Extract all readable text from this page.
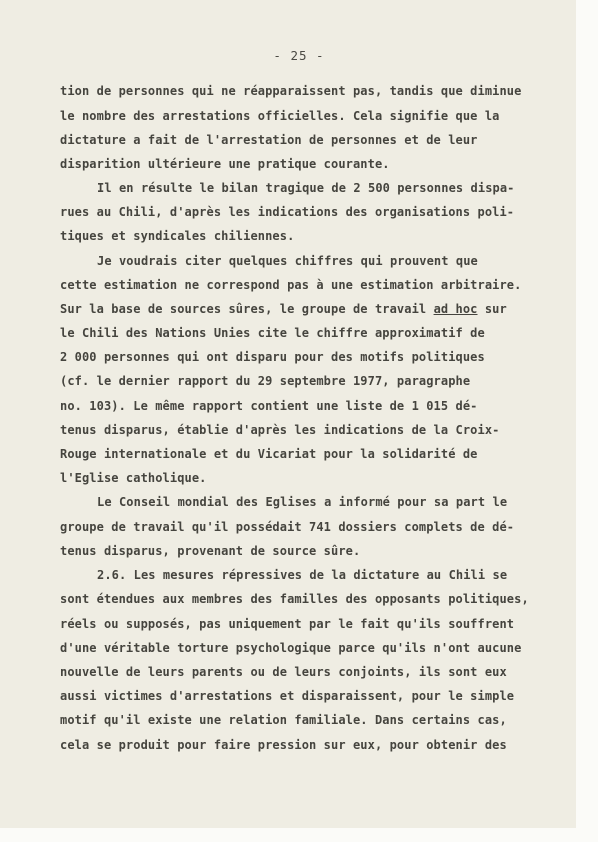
- 25 -
tion de personnes qui ne réapparaissent pas, tandis que diminue
le nombre des arrestations officielles. Cela signifie que la
dictature a fait de l'arrestation de personnes et de leur
disparition ultérieure une pratique courante.
Il en résulte le bilan tragique de 2 500 personnes dispa-
rues au Chili, d'après les indications des organisations poli-
tiques et syndicales chiliennes.
Je voudrais citer quelques chiffres qui prouvent que
cette estimation ne correspond pas à une estimation arbitraire.
Sur la base de sources sûres, le groupe de travail ad hoc sur
le Chili des Nations Unies cite le chiffre approximatif de
2 000 personnes qui ont disparu pour des motifs politiques
(cf. le dernier rapport du 29 septembre 1977, paragraphe
no. 103). Le même rapport contient une liste de 1 015 dé-
tenus disparus, établie d'après les indications de la Croix-
Rouge internationale et du Vicariat pour la solidarité de
l'Eglise catholique.
Le Conseil mondial des Eglises a informé pour sa part le
groupe de travail qu'il possédait 741 dossiers complets de dé-
tenus disparus, provenant de source sûre.
2.6. Les mesures répressives de la dictature au Chili se
sont étendues aux membres des familles des opposants politiques,
réels ou supposés, pas uniquement par le fait qu'ils souffrent
d'une véritable torture psychologique parce qu'ils n'ont aucune
nouvelle de leurs parents ou de leurs conjoints, ils sont eux
aussi victimes d'arrestations et disparaissent, pour le simple
motif qu'il existe une relation familiale. Dans certains cas,
cela se produit pour faire pression sur eux, pour obtenir des
